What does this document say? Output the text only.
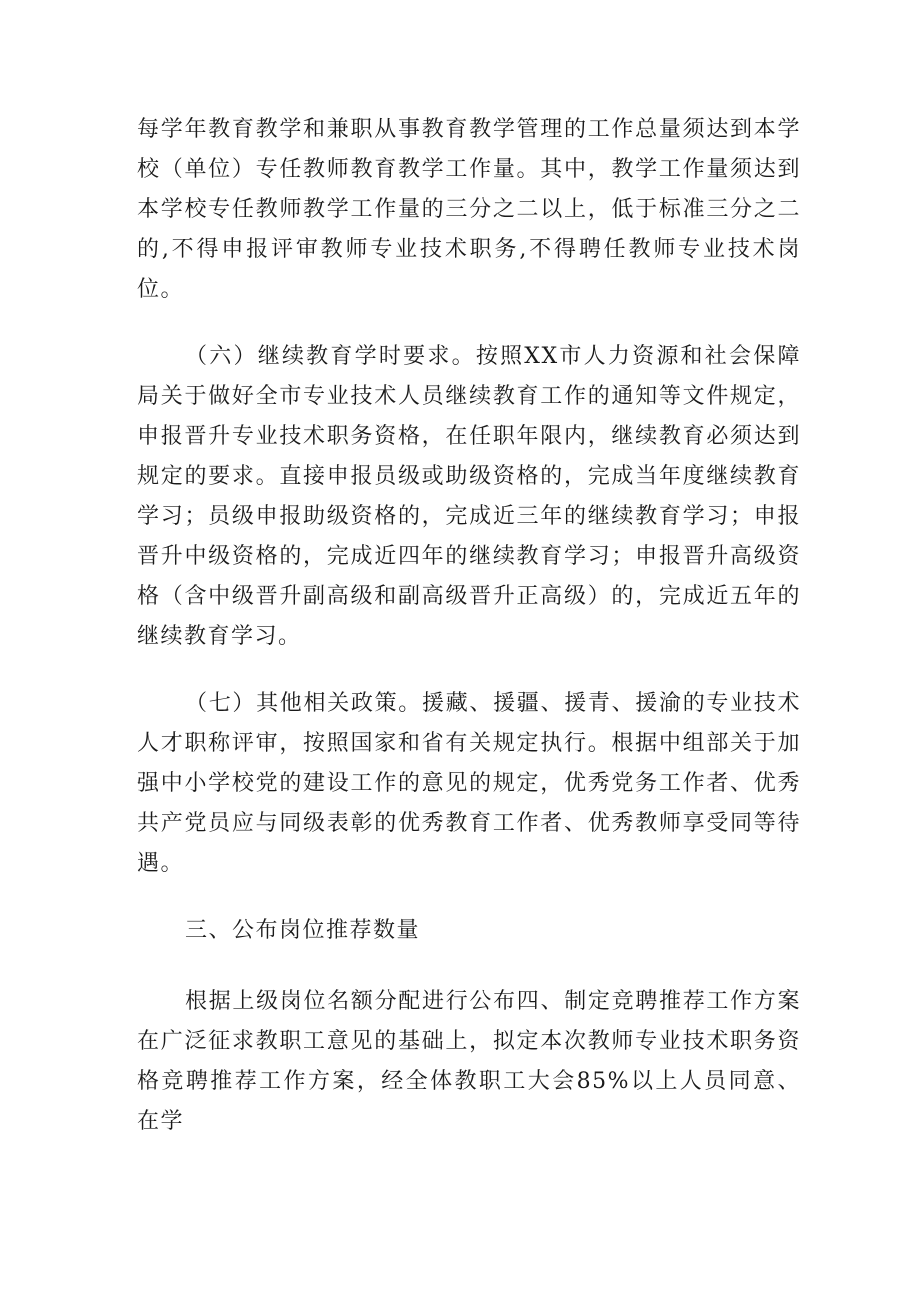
每学年教育教学和兼职从事教育教学管理的工作总量须达到本学校（单位）专任教师教育教学工作量。其中，教学工作量须达到本学校专任教师教学工作量的三分之二以上，低于标准三分之二的,不得申报评审教师专业技术职务,不得聘任教师专业技术岗位。

（六）继续教育学时要求。按照XX市人力资源和社会保障局关于做好全市专业技术人员继续教育工作的通知等文件规定，申报晋升专业技术职务资格，在任职年限内，继续教育必须达到规定的要求。直接申报员级或助级资格的，完成当年度继续教育学习；员级申报助级资格的，完成近三年的继续教育学习；申报晋升中级资格的，完成近四年的继续教育学习；申报晋升高级资格（含中级晋升副高级和副高级晋升正高级）的，完成近五年的继续教育学习。

（七）其他相关政策。援藏、援疆、援青、援渝的专业技术人才职称评审，按照国家和省有关规定执行。根据中组部关于加强中小学校党的建设工作的意见的规定，优秀党务工作者、优秀共产党员应与同级表彰的优秀教育工作者、优秀教师享受同等待遇。

三、公布岗位推荐数量

根据上级岗位名额分配进行公布四、制定竞聘推荐工作方案在广泛征求教职工意见的基础上，拟定本次教师专业技术职务资格竞聘推荐工作方案，经全体教职工大会85%以上人员同意、在学
